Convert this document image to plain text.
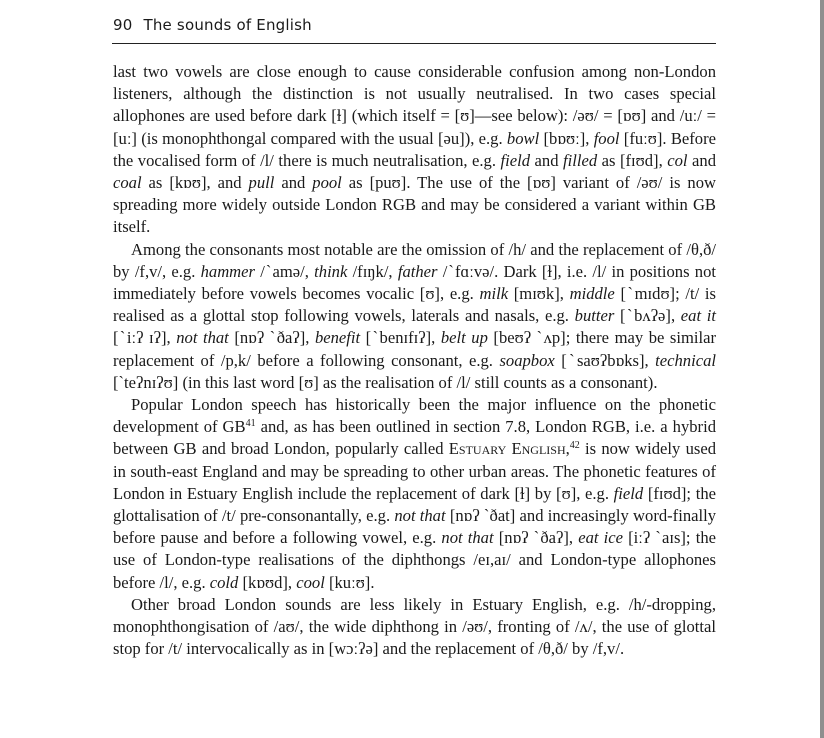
90 The sounds of English

last two vowels are close enough to cause considerable confusion among non-London listeners, although the distinction is not usually neutralised. In two cases special allophones are used before dark [ɫ] (which itself = [ʊ]—see below): /əʊ/ = [ɒʊ] and /uː/ = [uː] (is monophthongal compared with the usual [əu]), e.g. bowl [bɒʊː], fool [fuːʊ]. Before the vocalised form of /l/ there is much neutralisation, e.g. field and filled as [fɪʊd], col and coal as [kɒʊ], and pull and pool as [puʊ]. The use of the [ɒʊ] variant of /əʊ/ is now spreading more widely outside London RGB and may be considered a variant within GB itself.

Among the consonants most notable are the omission of /h/ and the replacement of /θ,ð/ by /f,v/, e.g. hammer /ˋamə/, think /fɪŋk/, father /ˋfɑːvə/. Dark [ɫ], i.e. /l/ in positions not immediately before vowels becomes vocalic [ʊ], e.g. milk [mɪʊk], middle [ˋmɪdʊ]; /t/ is realised as a glottal stop following vowels, laterals and nasals, e.g. butter [ˋbʌʔə], eat it [ˋiːʔ ɪʔ], not that [nɒʔ ˋðaʔ], benefit [ˋbenɪfɪʔ], belt up [beʊʔ ˋʌp]; there may be similar replacement of /p,k/ before a following consonant, e.g. soapbox [ˋsaʊʔbɒks], technical [ˋteʔnɪʔʊ] (in this last word [ʊ] as the realisation of /l/ still counts as a consonant).

Popular London speech has historically been the major influence on the phonetic development of GB$^{41}$ and, as has been outlined in section 7.8, London RGB, i.e. a hybrid between GB and broad London, popularly called Estuary English,$^{42}$ is now widely used in south-east England and may be spreading to other urban areas. The phonetic features of London in Estuary English include the replacement of dark [ɫ] by [ʊ], e.g. field [fɪʊd]; the glottalisation of /t/ pre-consonantally, e.g. not that [nɒʔ ˋðat] and increasingly word-finally before pause and before a following vowel, e.g. not that [nɒʔ ˋðaʔ], eat ice [iːʔ ˋaɪs]; the use of London-type realisations of the diphthongs /eɪ,aɪ/ and London-type allophones before /l/, e.g. cold [kɒʊd], cool [kuːʊ].

Other broad London sounds are less likely in Estuary English, e.g. /h/-dropping, monophthongisation of /aʊ/, the wide diphthong in /əʊ/, fronting of /ʌ/, the use of glottal stop for /t/ intervocalically as in [wɔːʔə] and the replacement of /θ,ð/ by /f,v/.
